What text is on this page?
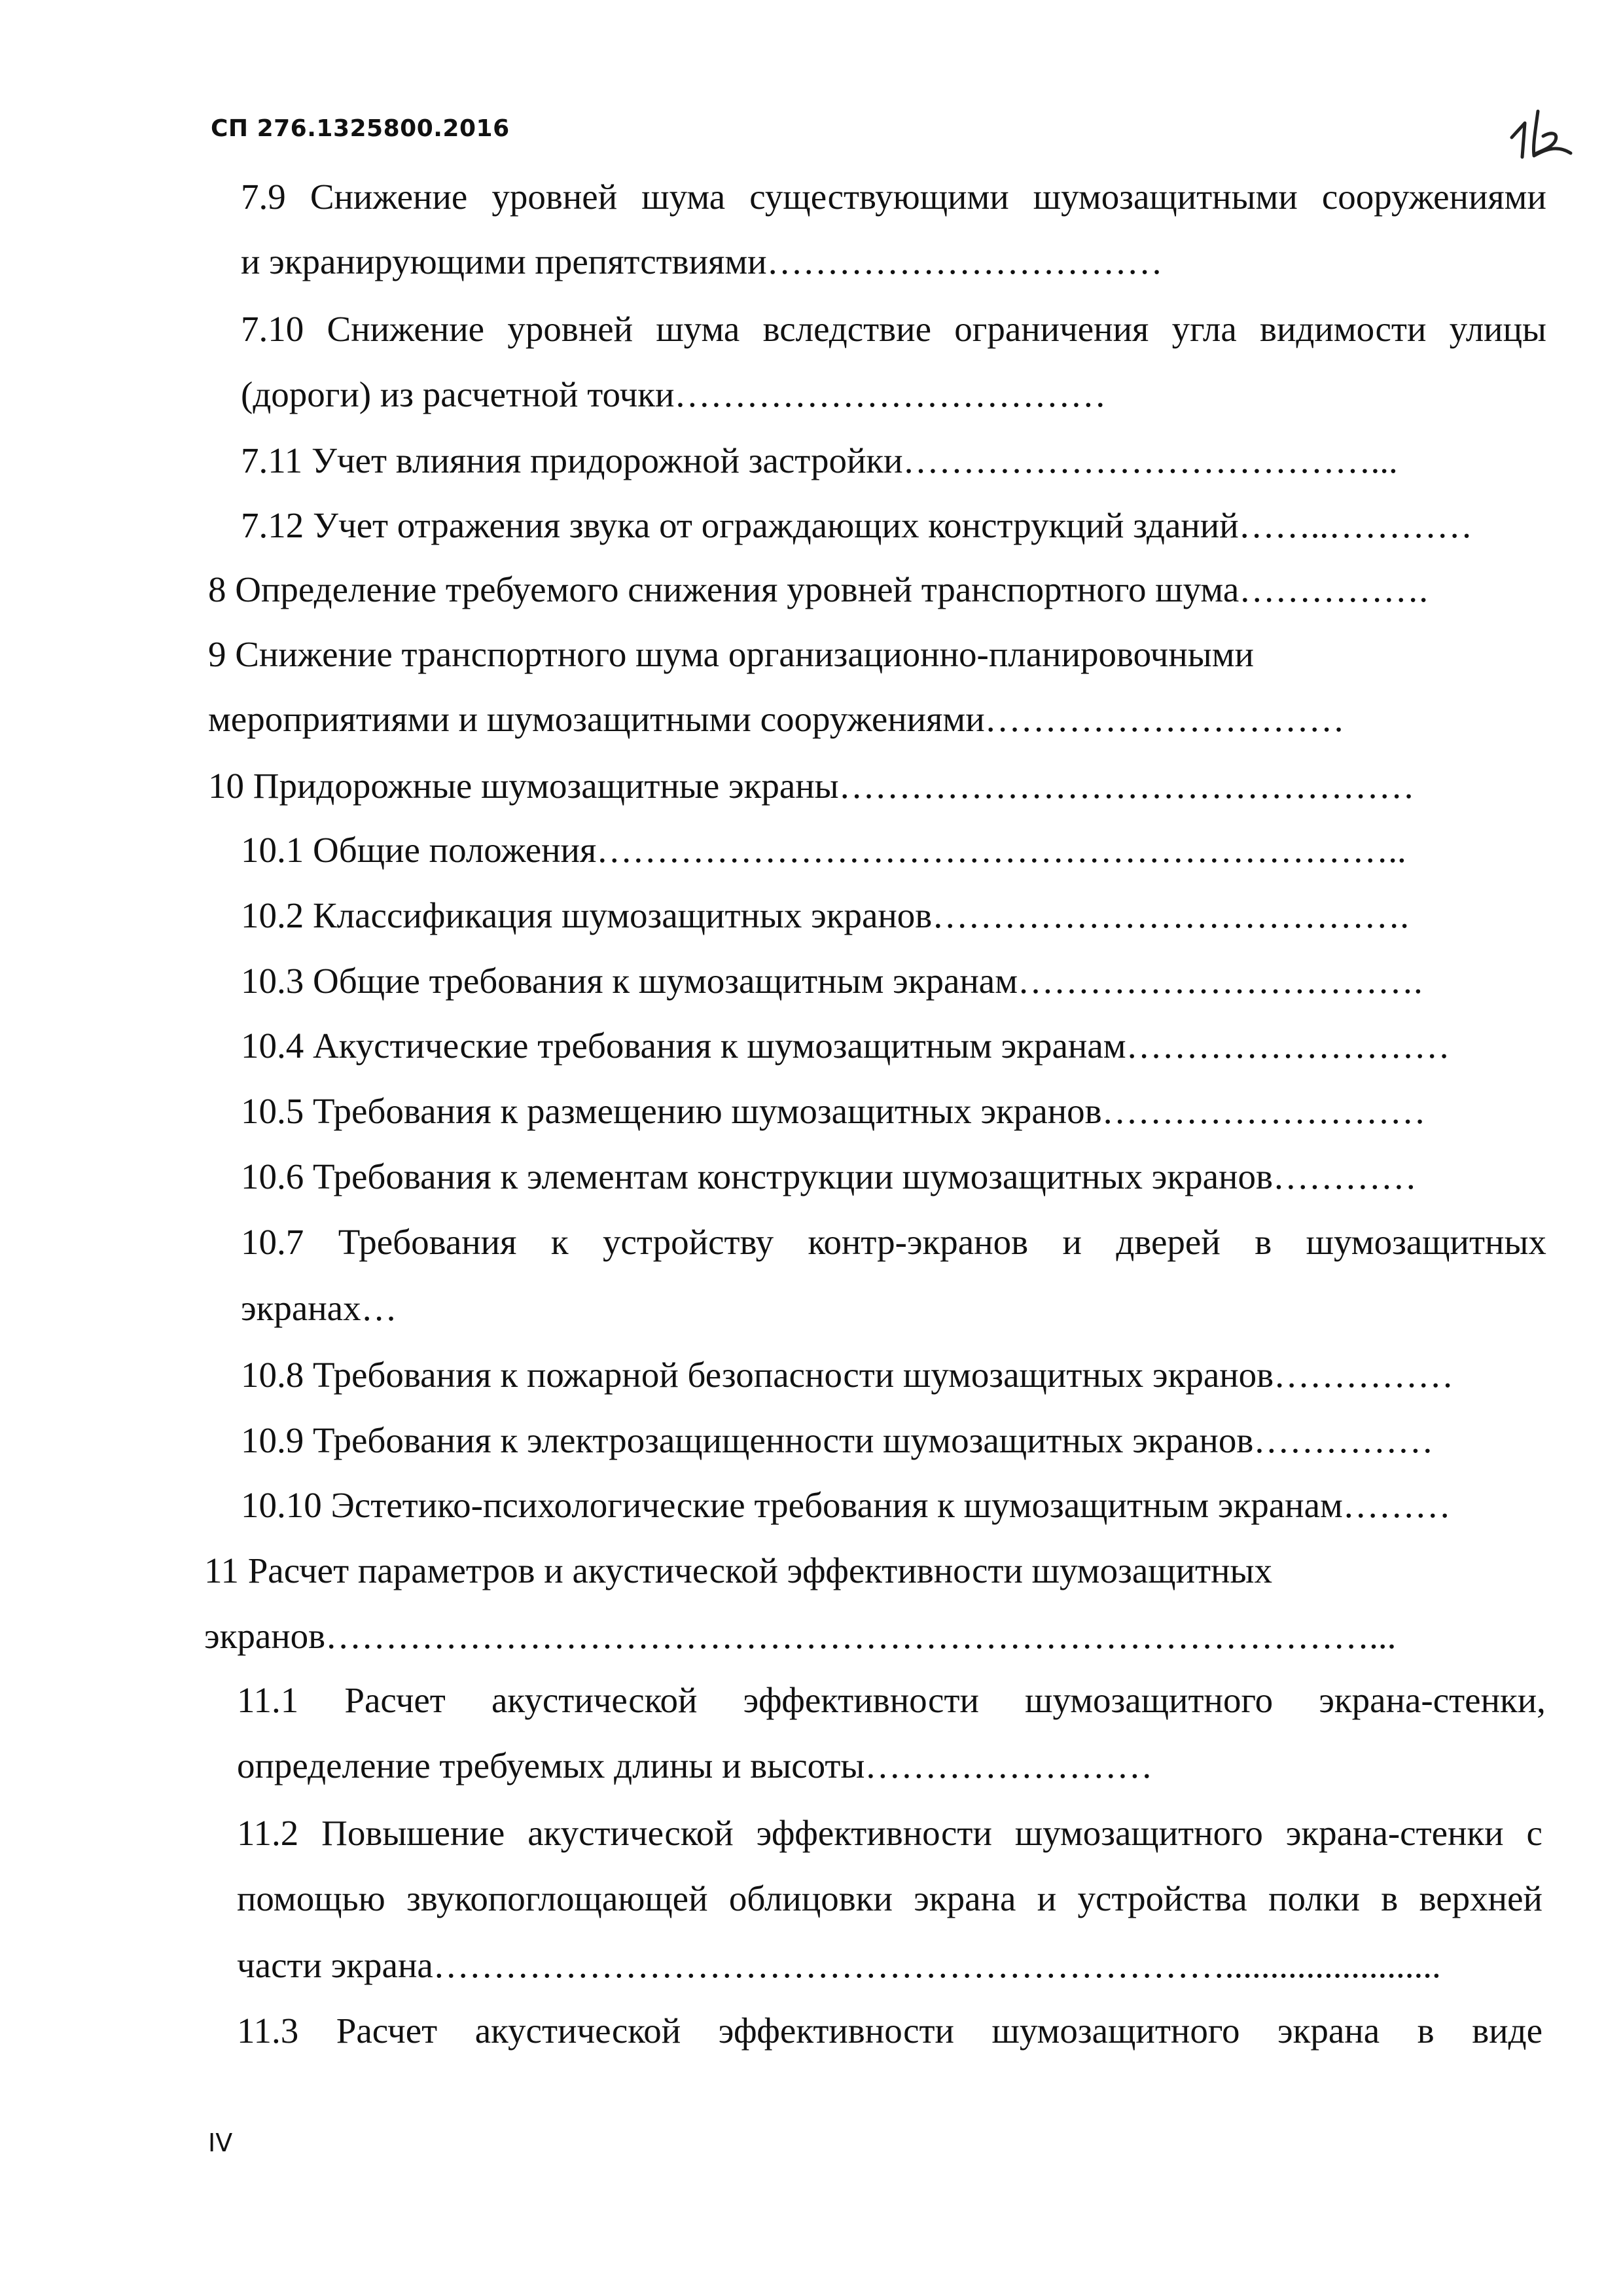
СП 276.1325800.2016
7.9 Снижение уровней шума существующими шумозащитными сооружениями
и экранирующими препятствиями……………………………
7.10 Снижение уровней шума вследствие ограничения угла видимости улицы
(дороги) из расчетной точки………………………………
7.11 Учет влияния придорожной застройки…………………………………...
7.12 Учет отражения звука от ограждающих конструкций зданий……..…………
8 Определение требуемого снижения уровней транспортного шума…………….
9 Снижение транспортного шума организационно-планировочными
мероприятиями и шумозащитными сооружениями…………………………
10 Придорожные шумозащитные экраны…………………………………………
10.1 Общие положения…………………………………………………………..
10.2 Классификация шумозащитных экранов………………………………….
10.3 Общие требования к шумозащитным экранам…………………………….
10.4 Акустические требования к шумозащитным экранам………………………
10.5 Требования к размещению шумозащитных экранов………………………
10.6 Требования к элементам конструкции шумозащитных экранов…………
10.7 Требования к устройству контр-экранов и дверей в шумозащитных
экранах…
10.8 Требования к пожарной безопасности шумозащитных экранов……………
10.9 Требования к электрозащищенности шумозащитных экранов……………
10.10 Эстетико-психологические требования к шумозащитным экранам………
11 Расчет параметров и акустической эффективности шумозащитных
экранов……………………………………………………………………………...
11.1 Расчет акустической эффективности шумозащитного экрана-стенки,
определение требуемых длины и высоты……………………
11.2 Повышение акустической эффективности шумозащитного экрана-стенки с
помощью звукопоглощающей облицовки экрана и устройства полки в верхней
части экрана…………………………………………………………........................
11.3 Расчет акустической эффективности шумозащитного экрана в виде
IV
